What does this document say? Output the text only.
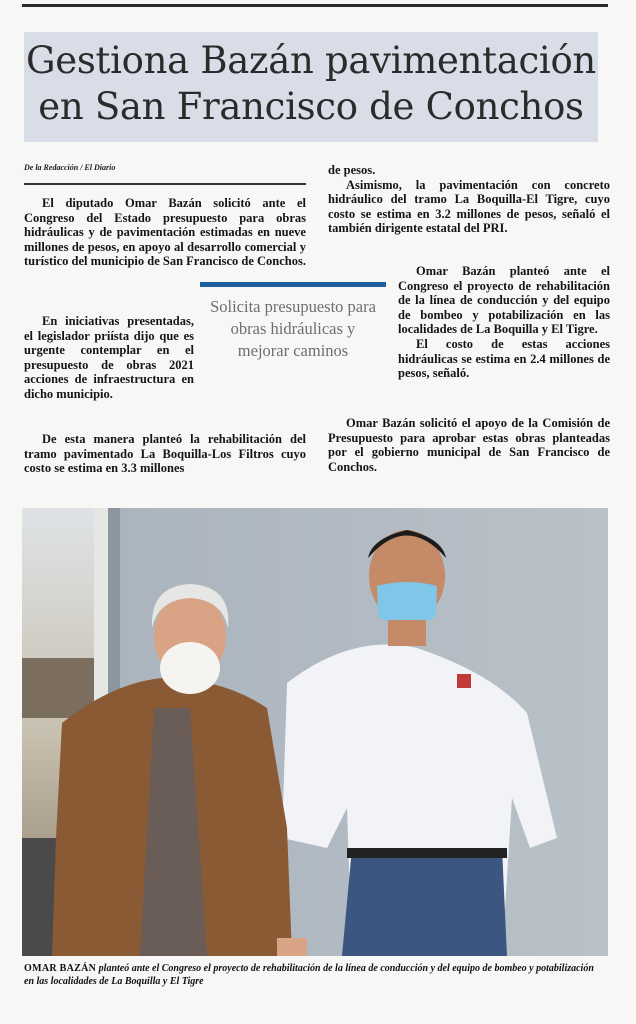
Gestiona Bazán pavimentación en San Francisco de Conchos
De la Redacción / El Diario

El diputado Omar Bazán solicitó ante el Congreso del Estado presupuesto para obras hidráulicas y de pavimentación estimadas en nueve millones de pesos, en apoyo al desarrollo comercial y turístico del municipio de San Francisco de Conchos.

En iniciativas presentadas, el legislador priísta dijo que es urgente contemplar en el presupuesto de obras 2021 acciones de infraestructura en dicho municipio.

De esta manera planteó la rehabilitación del tramo pavimentado La Boquilla-Los Filtros cuyo costo se estima en 3.3 millones

de pesos.

Asimismo, la pavimentación con concreto hidráulico del tramo La Boquilla-El Tigre, cuyo costo se estima en 3.2 millones de pesos, señaló el también dirigente estatal del PRI.

Omar Bazán planteó ante el Congreso el proyecto de rehabilitación de la línea de conducción y del equipo de bombeo y potabilización en las localidades de La Boquilla y El Tigre.

El costo de estas acciones hidráulicas se estima en 2.4 millones de pesos, señaló.

Omar Bazán solicitó el apoyo de la Comisión de Presupuesto para aprobar estas obras planteadas por el gobierno municipal de San Francisco de Conchos.

Solicita presupuesto para obras hidráulicas y mejorar caminos
OMAR BAZÁN planteó ante el Congreso el proyecto de rehabilitación de la línea de conducción y del equipo de bombeo y potabilización en las localidades de La Boquilla y El Tigre
